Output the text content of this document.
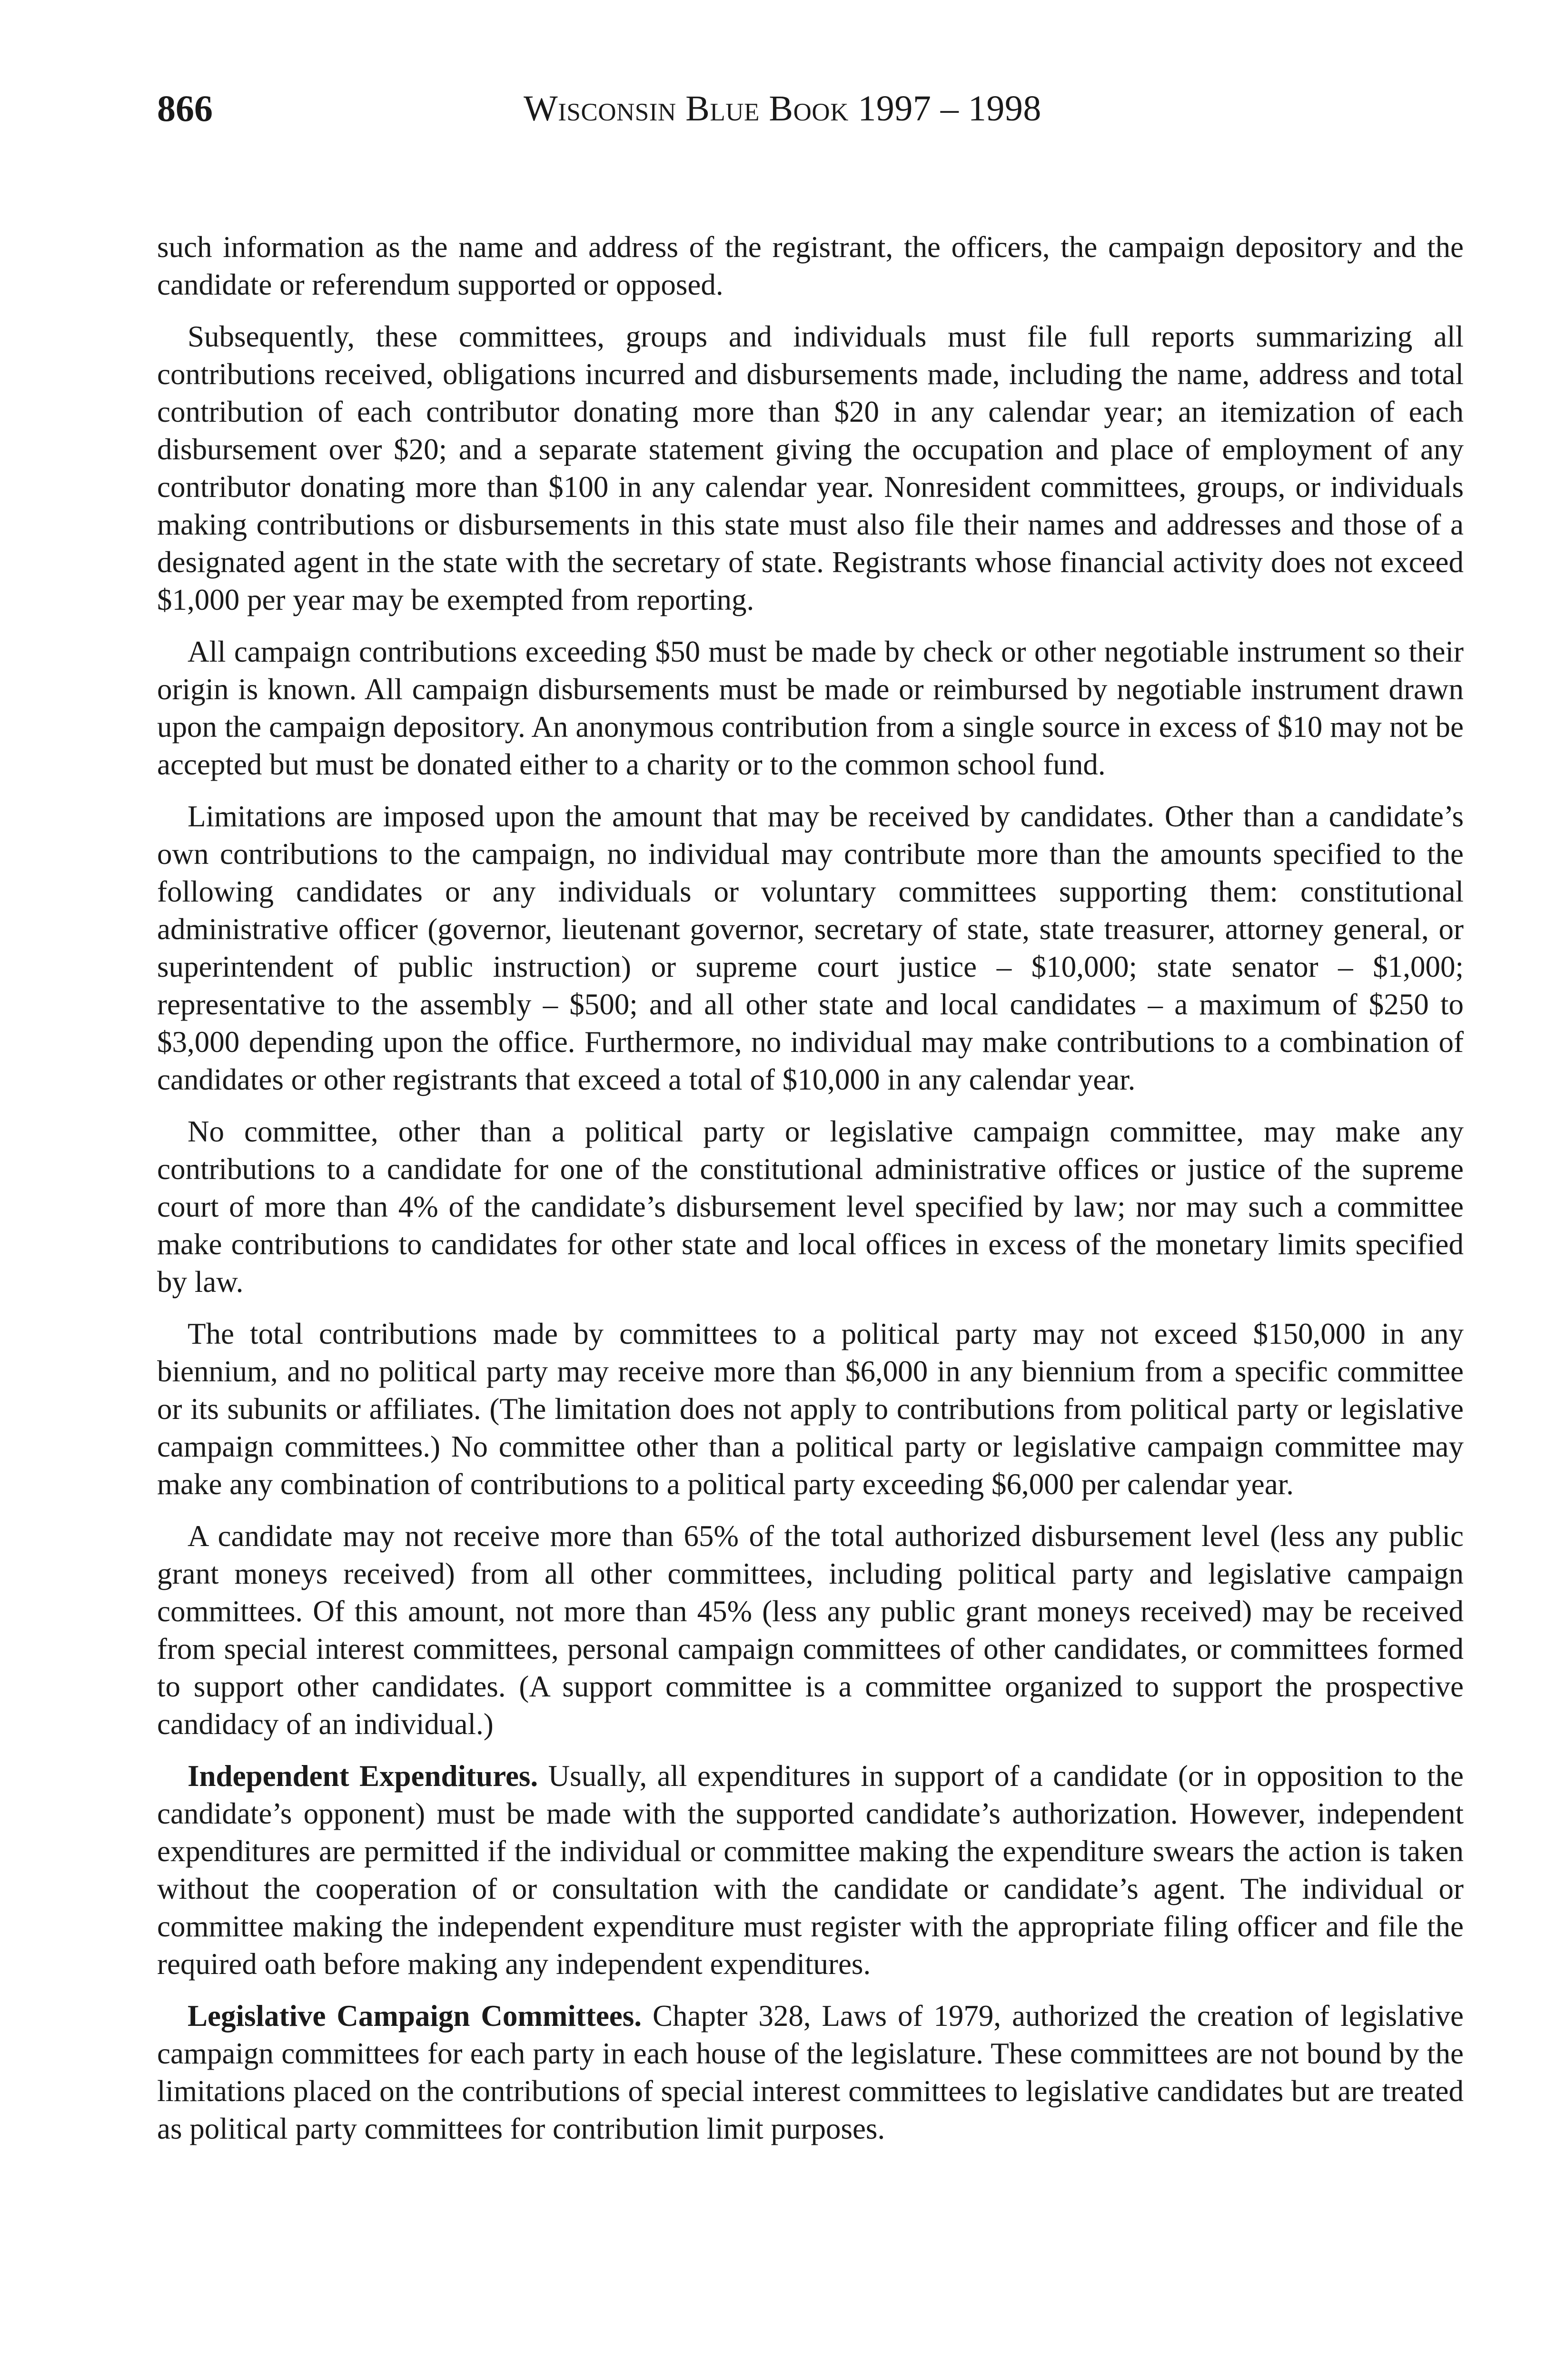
866	Wisconsin Blue Book 1997 – 1998

such information as the name and address of the registrant, the officers, the campaign depository and the candidate or referendum supported or opposed.

Subsequently, these committees, groups and individuals must file full reports summarizing all contributions received, obligations incurred and disbursements made, including the name, address and total contribution of each contributor donating more than $20 in any calendar year; an itemization of each disbursement over $20; and a separate statement giving the occupation and place of employment of any contributor donating more than $100 in any calendar year. Nonresident committees, groups, or individuals making contributions or disbursements in this state must also file their names and addresses and those of a designated agent in the state with the secretary of state. Registrants whose financial activity does not exceed $1,000 per year may be exempted from reporting.

All campaign contributions exceeding $50 must be made by check or other negotiable instrument so their origin is known. All campaign disbursements must be made or reimbursed by negotiable instrument drawn upon the campaign depository. An anonymous contribution from a single source in excess of $10 may not be accepted but must be donated either to a charity or to the common school fund.

Limitations are imposed upon the amount that may be received by candidates. Other than a candidate’s own contributions to the campaign, no individual may contribute more than the amounts specified to the following candidates or any individuals or voluntary committees supporting them: constitutional administrative officer (governor, lieutenant governor, secretary of state, state treasurer, attorney general, or superintendent of public instruction) or supreme court justice – $10,000; state senator – $1,000; representative to the assembly – $500; and all other state and local candidates – a maximum of $250 to $3,000 depending upon the office. Furthermore, no individual may make contributions to a combination of candidates or other registrants that exceed a total of $10,000 in any calendar year.

No committee, other than a political party or legislative campaign committee, may make any contributions to a candidate for one of the constitutional administrative offices or justice of the supreme court of more than 4% of the candidate’s disbursement level specified by law; nor may such a committee make contributions to candidates for other state and local offices in excess of the monetary limits specified by law.

The total contributions made by committees to a political party may not exceed $150,000 in any biennium, and no political party may receive more than $6,000 in any biennium from a specific committee or its subunits or affiliates. (The limitation does not apply to contributions from political party or legislative campaign committees.) No committee other than a political party or legislative campaign committee may make any combination of contributions to a political party exceeding $6,000 per calendar year.

A candidate may not receive more than 65% of the total authorized disbursement level (less any public grant moneys received) from all other committees, including political party and legislative campaign committees. Of this amount, not more than 45% (less any public grant moneys received) may be received from special interest committees, personal campaign committees of other candidates, or committees formed to support other candidates. (A support committee is a committee organized to support the prospective candidacy of an individual.)

Independent Expenditures. Usually, all expenditures in support of a candidate (or in opposition to the candidate’s opponent) must be made with the supported candidate’s authorization. However, independent expenditures are permitted if the individual or committee making the expenditure swears the action is taken without the cooperation of or consultation with the candidate or candidate’s agent. The individual or committee making the independent expenditure must register with the appropriate filing officer and file the required oath before making any independent expenditures.

Legislative Campaign Committees. Chapter 328, Laws of 1979, authorized the creation of legislative campaign committees for each party in each house of the legislature. These committees are not bound by the limitations placed on the contributions of special interest committees to legislative candidates but are treated as political party committees for contribution limit purposes.
